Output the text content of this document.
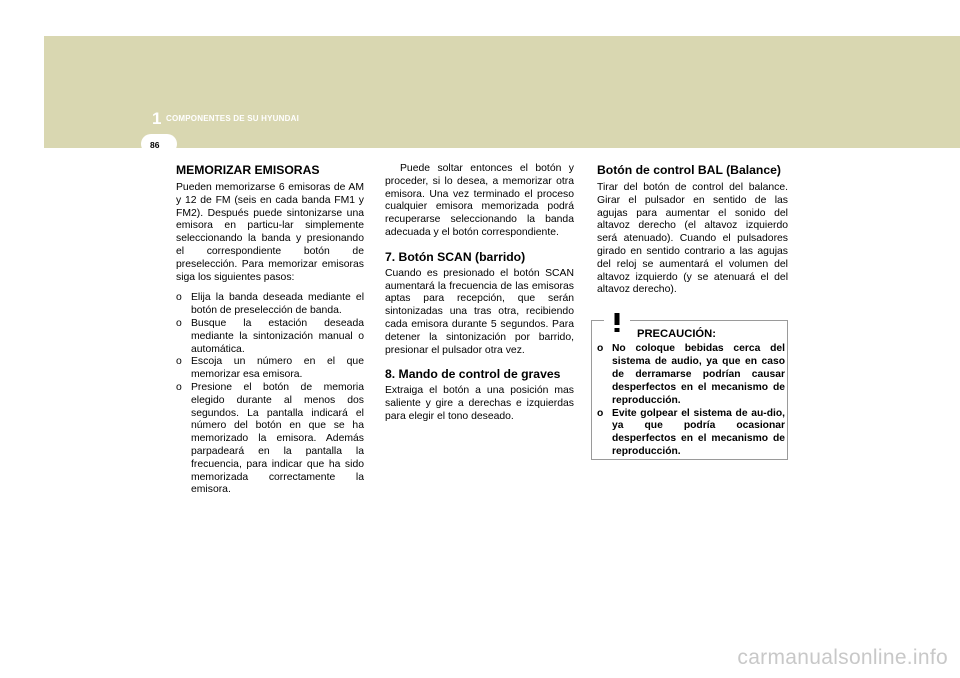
1 COMPONENTES DE SU HYUNDAI
86
MEMORIZAR EMISORAS

Pueden memorizarse 6 emisoras de AM y 12 de FM (seis en cada banda FM1 y FM2). Después puede sintonizarse una emisora en particu-lar simplemente seleccionando la banda y presionando el correspondiente botón de preselección. Para memorizar emisoras siga los siguientes pasos:

o Elija la banda deseada mediante el botón de preselección de banda.
o Busque la estación deseada mediante la sintonización manual o automática.
o Escoja un número en el que memorizar esa emisora.
o Presione el botón de memoria elegido durante al menos dos segundos. La pantalla indicará el número del botón en que se ha memorizado la emisora. Además parpadeará en la pantalla la frecuencia, para indicar que ha sido memorizada correctamente la emisora.

Puede soltar entonces el botón y proceder, si lo desea, a memorizar otra emisora. Una vez terminado el proceso cualquier emisora memorizada podrá recuperarse seleccionando la banda adecuada y el botón correspondiente.

7. Botón SCAN (barrido)

Cuando es presionado el botón SCAN aumentará la frecuencia de las emisoras aptas para recepción, que serán sintonizadas una tras otra, recibiendo cada emisora durante 5 segundos. Para detener la sintonización por barrido, presionar el pulsador otra vez.

8. Mando de control de graves

Extraiga el botón a una posición mas saliente y gire a derechas e izquierdas para elegir el tono deseado.

Botón de control BAL (Balance)

Tirar del botón de control del balance. Girar el pulsador en sentido de las agujas para aumentar el sonido del altavoz derecho (el altavoz izquierdo será atenuado). Cuando el pulsadores girado en sentido contrario a las agujas del reloj se aumentará el volumen del altavoz izquierdo (y se atenuará el del altavoz derecho).

PRECAUCIÓN:
o No coloque bebidas cerca del sistema de audio, ya que en caso de derramarse podrían causar desperfectos en el mecanismo de reproducción.
o Evite golpear el sistema de au-dio, ya que podría ocasionar desperfectos en el mecanismo de reproducción.
carmanualsonline.info
